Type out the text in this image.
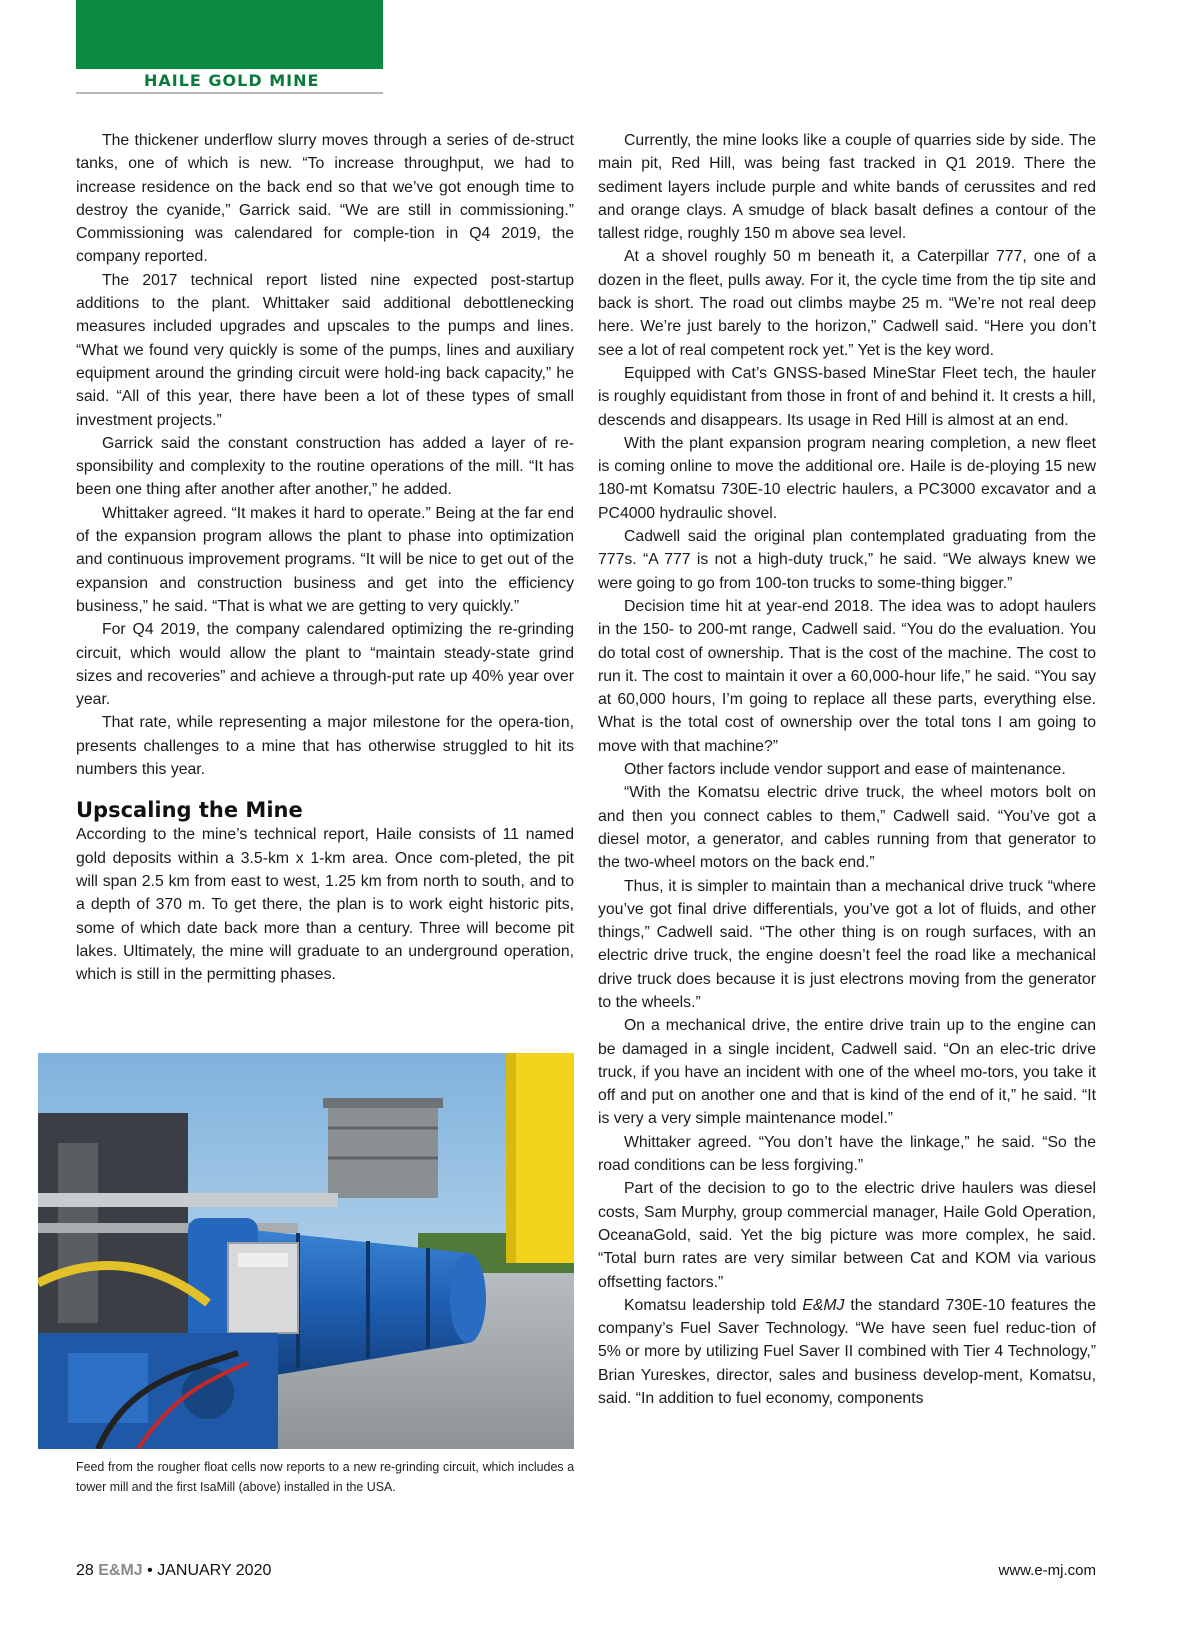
HAILE GOLD MINE

The thickener underflow slurry moves through a series of de-struct tanks, one of which is new. “To increase throughput, we had to increase residence on the back end so that we’ve got enough time to destroy the cyanide,” Garrick said. “We are still in commissioning.” Commissioning was calendared for comple-tion in Q4 2019, the company reported.

The 2017 technical report listed nine expected post-startup additions to the plant. Whittaker said additional debottlenecking measures included upgrades and upscales to the pumps and lines. “What we found very quickly is some of the pumps, lines and auxiliary equipment around the grinding circuit were hold-ing back capacity,” he said. “All of this year, there have been a lot of these types of small investment projects.”

Garrick said the constant construction has added a layer of re-sponsibility and complexity to the routine operations of the mill. “It has been one thing after another after another,” he added.

Whittaker agreed. “It makes it hard to operate.” Being at the far end of the expansion program allows the plant to phase into optimization and continuous improvement programs. “It will be nice to get out of the expansion and construction business and get into the efficiency business,” he said. “That is what we are getting to very quickly.”

For Q4 2019, the company calendared optimizing the re-grinding circuit, which would allow the plant to “maintain steady-state grind sizes and recoveries” and achieve a through-put rate up 40% year over year.

That rate, while representing a major milestone for the opera-tion, presents challenges to a mine that has otherwise struggled to hit its numbers this year.

Upscaling the Mine

According to the mine’s technical report, Haile consists of 11 named gold deposits within a 3.5-km x 1-km area. Once com-pleted, the pit will span 2.5 km from east to west, 1.25 km from north to south, and to a depth of 370 m. To get there, the plan is to work eight historic pits, some of which date back more than a century. Three will become pit lakes. Ultimately, the mine will graduate to an underground operation, which is still in the permitting phases.

Feed from the rougher float cells now reports to a new re-grinding circuit, which includes a tower mill and the first IsaMill (above) installed in the USA.

Currently, the mine looks like a couple of quarries side by side. The main pit, Red Hill, was being fast tracked in Q1 2019. There the sediment layers include purple and white bands of cerussites and red and orange clays. A smudge of black basalt defines a contour of the tallest ridge, roughly 150 m above sea level.

At a shovel roughly 50 m beneath it, a Caterpillar 777, one of a dozen in the fleet, pulls away. For it, the cycle time from the tip site and back is short. The road out climbs maybe 25 m. “We’re not real deep here. We’re just barely to the horizon,” Cadwell said. “Here you don’t see a lot of real competent rock yet.” Yet is the key word.

Equipped with Cat’s GNSS-based MineStar Fleet tech, the hauler is roughly equidistant from those in front of and behind it. It crests a hill, descends and disappears. Its usage in Red Hill is almost at an end.

With the plant expansion program nearing completion, a new fleet is coming online to move the additional ore. Haile is de-ploying 15 new 180-mt Komatsu 730E-10 electric haulers, a PC3000 excavator and a PC4000 hydraulic shovel.

Cadwell said the original plan contemplated graduating from the 777s. “A 777 is not a high-duty truck,” he said. “We always knew we were going to go from 100-ton trucks to some-thing bigger.”

Decision time hit at year-end 2018. The idea was to adopt haulers in the 150- to 200-mt range, Cadwell said. “You do the evaluation. You do total cost of ownership. That is the cost of the machine. The cost to run it. The cost to maintain it over a 60,000-hour life,” he said. “You say at 60,000 hours, I’m going to replace all these parts, everything else. What is the total cost of ownership over the total tons I am going to move with that machine?”

Other factors include vendor support and ease of maintenance.

“With the Komatsu electric drive truck, the wheel motors bolt on and then you connect cables to them,” Cadwell said. “You’ve got a diesel motor, a generator, and cables running from that generator to the two-wheel motors on the back end.”

Thus, it is simpler to maintain than a mechanical drive truck “where you’ve got final drive differentials, you’ve got a lot of fluids, and other things,” Cadwell said. “The other thing is on rough surfaces, with an electric drive truck, the engine doesn’t feel the road like a mechanical drive truck does because it is just electrons moving from the generator to the wheels.”

On a mechanical drive, the entire drive train up to the engine can be damaged in a single incident, Cadwell said. “On an elec-tric drive truck, if you have an incident with one of the wheel mo-tors, you take it off and put on another one and that is kind of the end of it,” he said. “It is very a very simple maintenance model.”

Whittaker agreed. “You don’t have the linkage,” he said. “So the road conditions can be less forgiving.”

Part of the decision to go to the electric drive haulers was diesel costs, Sam Murphy, group commercial manager, Haile Gold Operation, OceanaGold, said. Yet the big picture was more complex, he said. “Total burn rates are very similar between Cat and KOM via various offsetting factors.”

Komatsu leadership told E&MJ the standard 730E-10 features the company’s Fuel Saver Technology. “We have seen fuel reduc-tion of 5% or more by utilizing Fuel Saver II combined with Tier 4 Technology,” Brian Yureskes, director, sales and business develop-ment, Komatsu, said. “In addition to fuel economy, components

28 E&MJ • JANUARY 2020	www.e-mj.com
